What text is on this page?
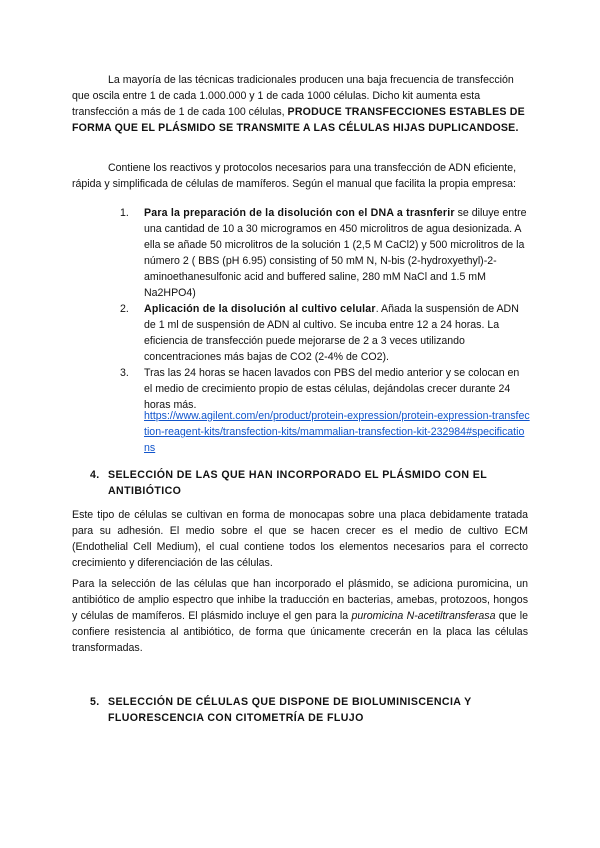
La mayoría de las técnicas tradicionales producen una baja frecuencia de transfección que oscila entre 1 de cada 1.000.000 y 1 de cada 1000 células. Dicho kit aumenta esta transfección a más de 1 de cada 100 células, PRODUCE TRANSFECCIONES ESTABLES DE FORMA QUE EL PLÁSMIDO SE TRANSMITE A LAS CÉLULAS HIJAS DUPLICANDOSE.

Contiene los reactivos y protocolos necesarios para una transfección de ADN eficiente, rápida y simplificada de células de mamíferos. Según el manual que facilita la propia empresa:

1. Para la preparación de la disolución con el DNA a trasnferir se diluye entre una cantidad de 10 a 30 microgramos en 450 microlitros de agua desionizada. A ella se añade 50 microlitros de la solución 1 (2,5 M CaCl2) y 500 microlitros de la número 2 ( BBS (pH 6.95) consisting of 50 mM N, N-bis (2-hydroxyethyl)-2-aminoethanesulfonic acid and buffered saline, 280 mM NaCl and 1.5 mM Na2HPO4)
2. Aplicación de la disolución al cultivo celular. Añada la suspensión de ADN de 1 ml de suspensión de ADN al cultivo. Se incuba entre 12 a 24 horas. La eficiencia de transfección puede mejorarse de 2 a 3 veces utilizando concentraciones más bajas de CO2 (2-4% de CO2).
3. Tras las 24 horas se hacen lavados con PBS del medio anterior y se colocan en el medio de crecimiento propio de estas células, dejándolas crecer durante 24 horas más.
https://www.agilent.com/en/product/protein-expression/protein-expression-transfection-reagent-kits/transfection-kits/mammalian-transfection-kit-232984#specifications
4. SELECCIÓN DE LAS QUE HAN INCORPORADO EL PLÁSMIDO CON EL ANTIBIÓTICO

Este tipo de células se cultivan en forma de monocapas sobre una placa debidamente tratada para su adhesión. El medio sobre el que se hacen crecer es el medio de cultivo ECM (Endothelial Cell Medium), el cual contiene todos los elementos necesarios para el correcto crecimiento y diferenciación de las células.

Para la selección de las células que han incorporado el plásmido, se adiciona puromicina, un antibiótico de amplio espectro que inhibe la traducción en bacterias, amebas, protozoos, hongos y células de mamíferos. El plásmido incluye el gen para la puromicina N-acetiltransferasa que le confiere resistencia al antibiótico, de forma que únicamente crecerán en la placa las células transformadas.

5. SELECCIÓN DE CÉLULAS QUE DISPONE DE BIOLUMINISCENCIA Y FLUORESCENCIA CON CITOMETRÍA DE FLUJO
